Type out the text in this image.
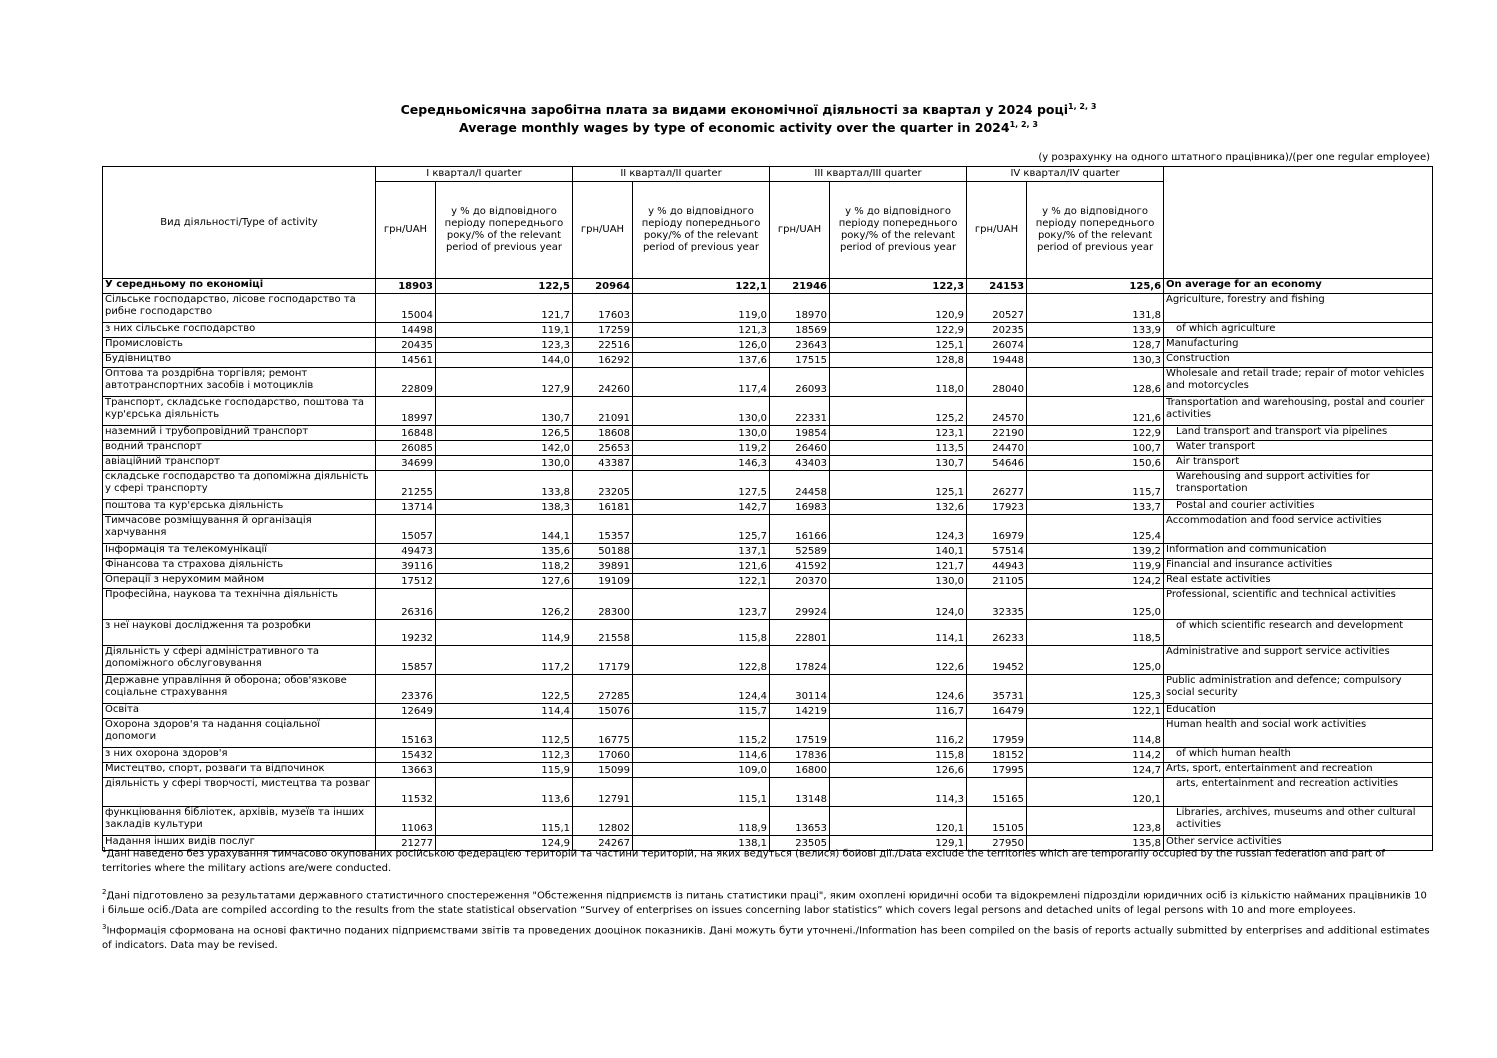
Середньомісячна заробітна плата за видами економічної діяльності за квартал у 2024 році$^{1, 2, 3}$
Average monthly wages by type of economic activity over the quarter in 2024$^{1, 2, 3}$
(у розрахунку на одного штатного працівника)/(per one regular employee)
Вид діяльності/Type of activity	I квартал/I quarter		II квартал/II quarter		III квартал/III quarter		IV квартал/IV quarter		
	грн/UAH	у % до відповідного періоду попереднього року/% of the relevant period of previous year	грн/UAH	у % до відповідного періоду попереднього року/% of the relevant period of previous year	грн/UAH	у % до відповідного періоду попереднього року/% of the relevant period of previous year	грн/UAH	у % до відповідного періоду попереднього року/% of the relevant period of previous year	
У середньому по економіці	18903	122,5	20964	122,1	21946	122,3	24153	125,6	On average for an economy
Сільське господарство, лісове господарство та рибне господарство	15004	121,7	17603	119,0	18970	120,9	20527	131,8	Agriculture, forestry and fishing
з них сільське господарство	14498	119,1	17259	121,3	18569	122,9	20235	133,9	of which agriculture
Промисловість	20435	123,3	22516	126,0	23643	125,1	26074	128,7	Manufacturing
Будівництво	14561	144,0	16292	137,6	17515	128,8	19448	130,3	Construction
Оптова та роздрібна торгівля; ремонт автотранспортних засобів і мотоциклів	22809	127,9	24260	117,4	26093	118,0	28040	128,6	Wholesale and retail trade; repair of motor vehicles and motorcycles
Транспорт, складське господарство, поштова та кур'єрська діяльність	18997	130,7	21091	130,0	22331	125,2	24570	121,6	Transportation and warehousing, postal and courier activities
наземний і трубопровідний транспорт	16848	126,5	18608	130,0	19854	123,1	22190	122,9	Land transport and transport via pipelines
водний транспорт	26085	142,0	25653	119,2	26460	113,5	24470	100,7	Water transport
авіаційний транспорт	34699	130,0	43387	146,3	43403	130,7	54646	150,6	Air transport
складське господарство та допоміжна діяльність у сфері транспорту	21255	133,8	23205	127,5	24458	125,1	26277	115,7	Warehousing and support activities for transportation
поштова та кур'єрська діяльність	13714	138,3	16181	142,7	16983	132,6	17923	133,7	Postal and courier activities
Тимчасове розміщування й організація харчування	15057	144,1	15357	125,7	16166	124,3	16979	125,4	Accommodation and food service activities
Інформація та телекомунікації	49473	135,6	50188	137,1	52589	140,1	57514	139,2	Information and communication
Фінансова та страхова діяльність	39116	118,2	39891	121,6	41592	121,7	44943	119,9	Financial and insurance activities
Операції з нерухомим майном	17512	127,6	19109	122,1	20370	130,0	21105	124,2	Real estate activities
Професійна, наукова та технічна діяльність	26316	126,2	28300	123,7	29924	124,0	32335	125,0	Professional, scientific and technical activities
з неї наукові дослідження та розробки	19232	114,9	21558	115,8	22801	114,1	26233	118,5	of which scientific research and development
Діяльність у сфері адміністративного та допоміжного обслуговування	15857	117,2	17179	122,8	17824	122,6	19452	125,0	Administrative and support service activities
Державне управління й оборона; обов'язкове соціальне страхування	23376	122,5	27285	124,4	30114	124,6	35731	125,3	Public administration and defence; compulsory social security
Освіта	12649	114,4	15076	115,7	14219	116,7	16479	122,1	Education
Охорона здоров'я та надання соціальної допомоги	15163	112,5	16775	115,2	17519	116,2	17959	114,8	Human health and social work activities
з них охорона здоров'я	15432	112,3	17060	114,6	17836	115,8	18152	114,2	of which human health
Мистецтво, спорт, розваги та відпочинок	13663	115,9	15099	109,0	16800	126,6	17995	124,7	Arts, sport, entertainment and recreation
діяльність у сфері творчості, мистецтва та розваг	11532	113,6	12791	115,1	13148	114,3	15165	120,1	arts, entertainment and recreation activities
функціювання бібліотек, архівів, музеїв та інших закладів культури	11063	115,1	12802	118,9	13653	120,1	15105	123,8	Libraries, archives, museums and other cultural activities
Надання інших видів послуг	21277	124,9	24267	138,1	23505	129,1	27950	135,8	Other service activities
$^1$Дані наведено без урахування тимчасово окупованих російською федерацією територій та частини територій, на яких ведуться (велися) бойові дії./Data exclude the territories which are temporarily occupied by the russian federation and part of territories where the military actions are/were conducted.
$^2$Дані підготовлено за результатами державного статистичного спостереження "Обстеження підприємств із питань статистики праці", яким охоплені юридичні особи та відокремлені підрозділи юридичних осіб із кількістю найманих працівників 10 і більше осіб./Data are compiled according to the results from the state statistical observation “Survey of enterprises on issues concerning labor statistics” which covers legal persons and detached units of legal persons with 10 and more employees.
$^3$Інформація сформована на основі фактично поданих підприємствами звітів та проведених дооцінок показників. Дані можуть бути уточнені./Information has been compiled on the basis of reports actually submitted by enterprises and additional estimates of indicators. Data may be revised.
